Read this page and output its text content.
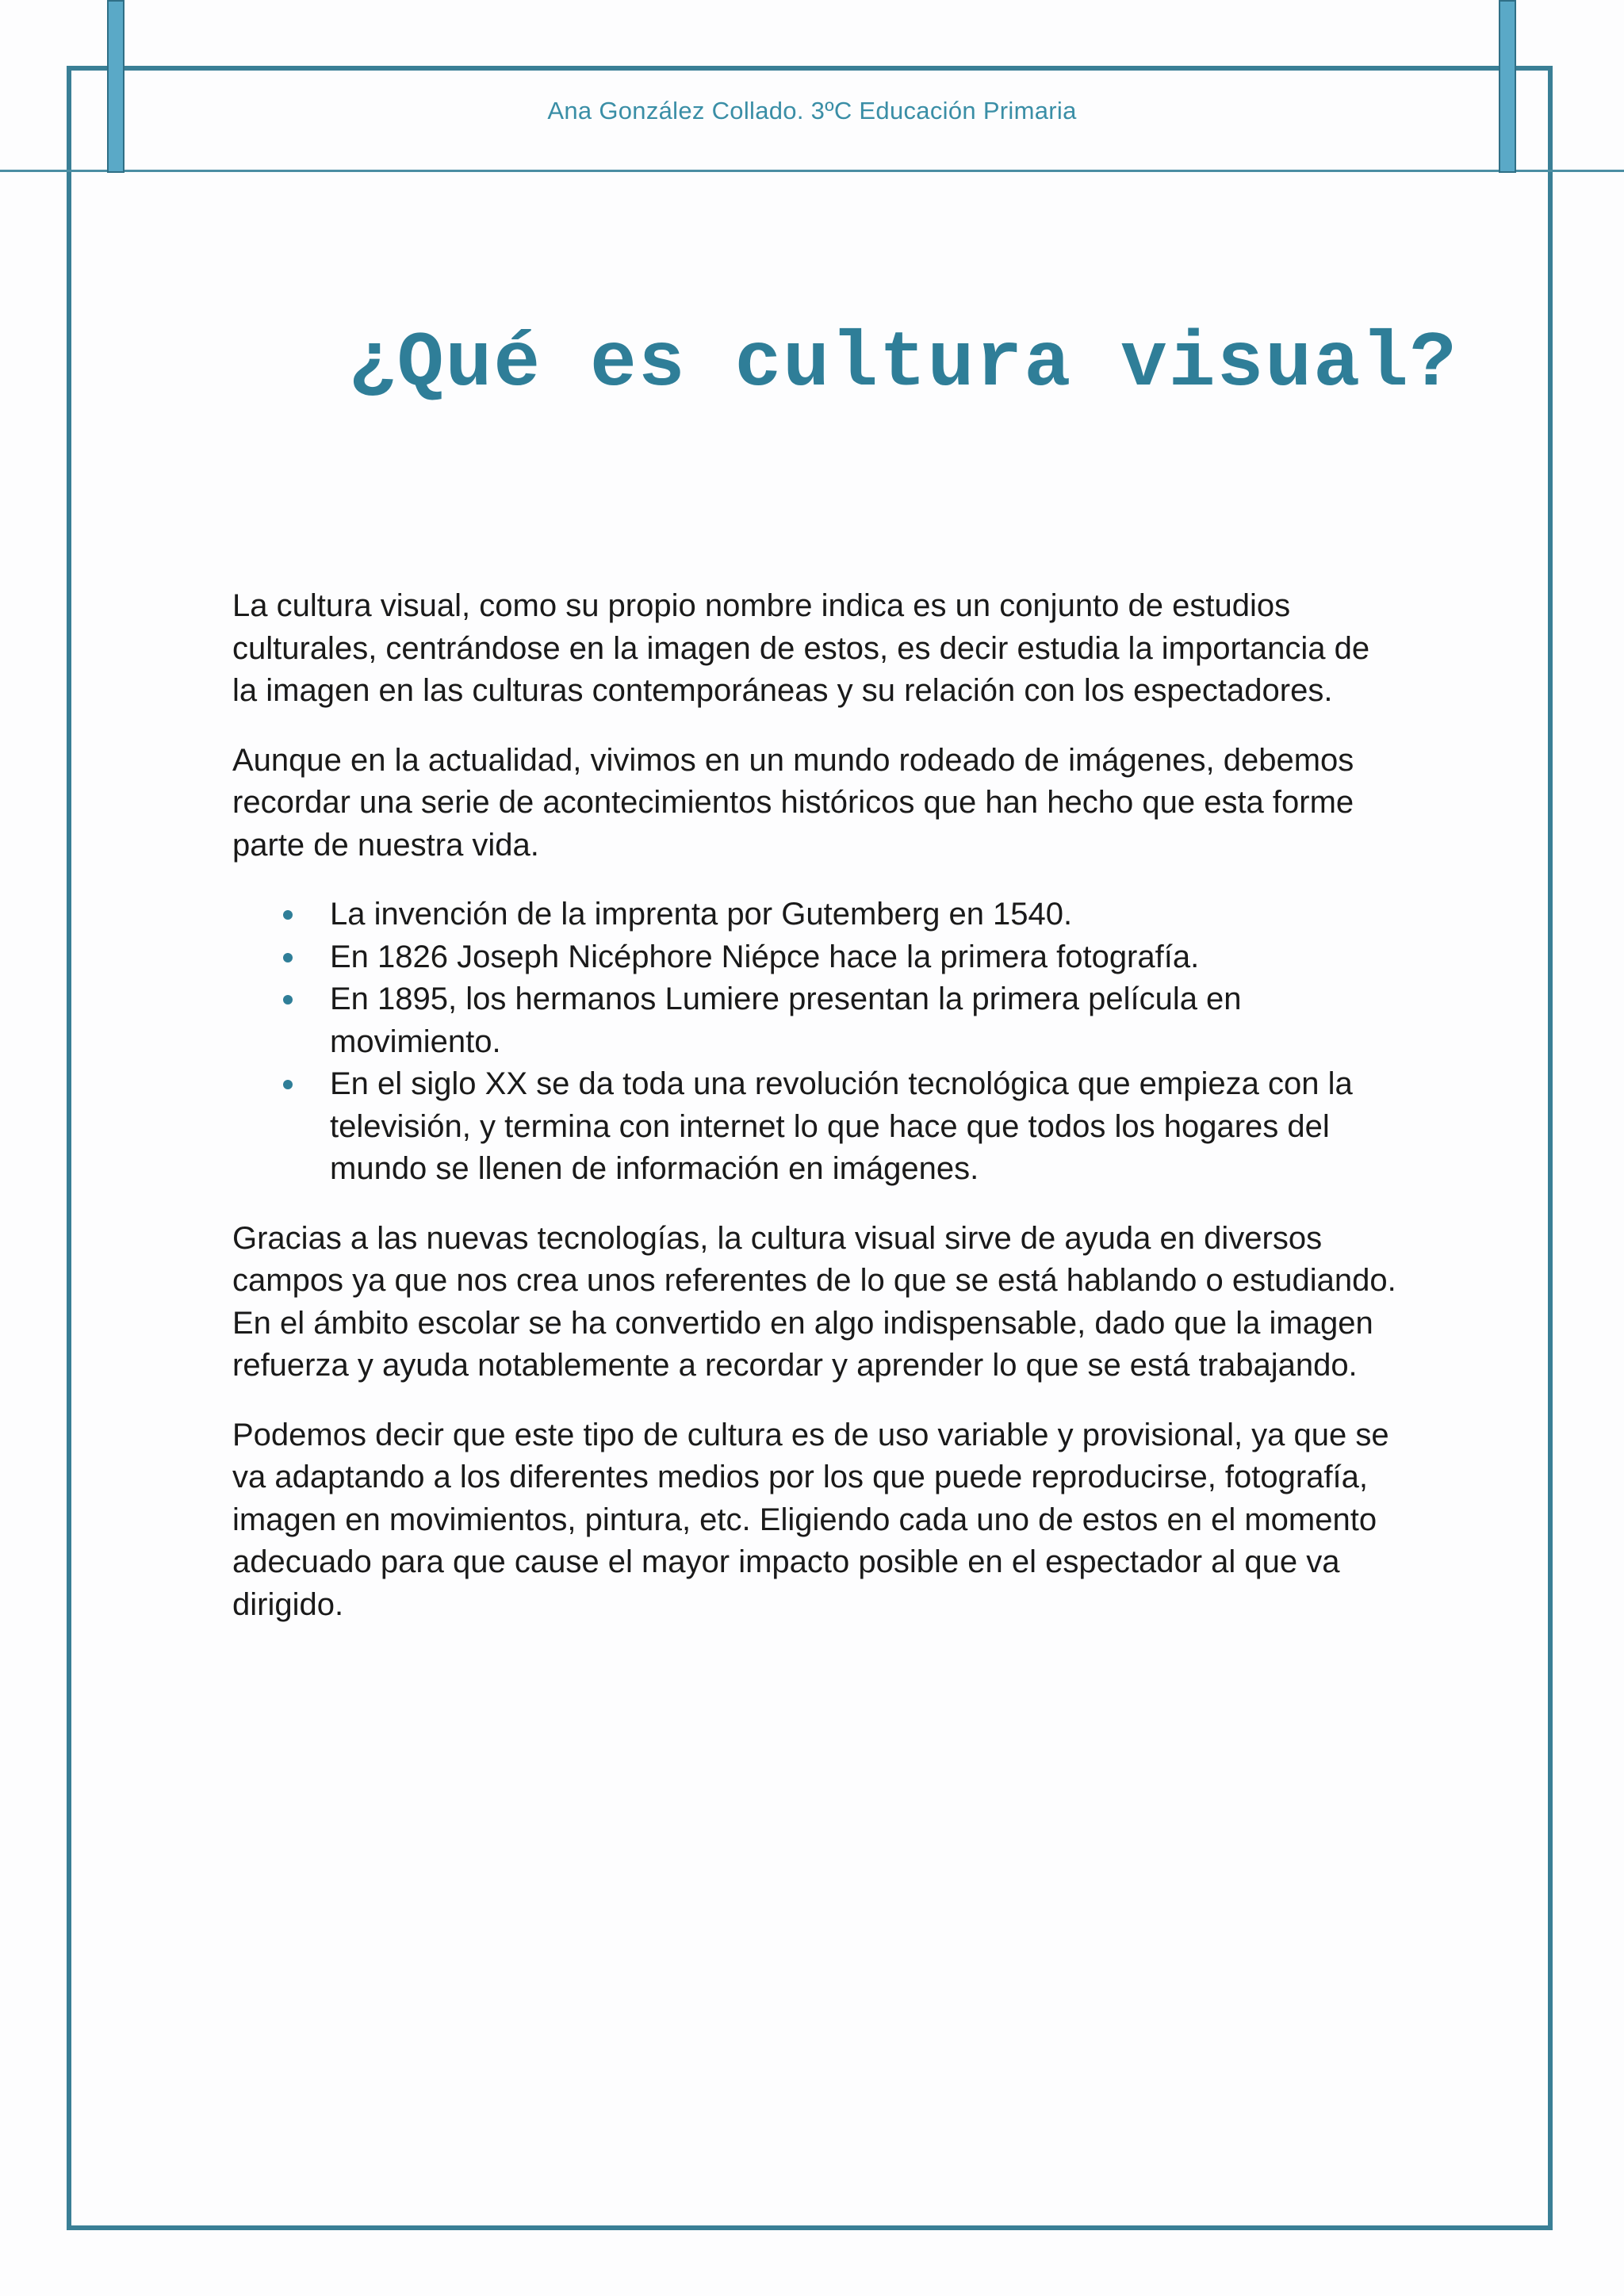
Ana González Collado. 3ºC Educación Primaria
¿Qué es cultura visual?

La cultura visual, como su propio nombre indica es un conjunto de estudios culturales, centrándose en la imagen de estos, es decir estudia la importancia de la imagen en las culturas contemporáneas y su relación con los espectadores.

Aunque en la actualidad, vivimos en un mundo rodeado de imágenes, debemos recordar una serie de acontecimientos históricos que han hecho que esta forme parte de nuestra vida.

La invención de la imprenta por Gutemberg en 1540.
En 1826 Joseph Nicéphore Niépce hace la primera fotografía.
En 1895, los hermanos Lumiere presentan la primera película en movimiento.
En el siglo XX se da toda una revolución tecnológica que empieza con la televisión, y termina con internet lo que hace que todos los hogares del mundo se llenen de información en imágenes.

Gracias a las nuevas tecnologías, la cultura visual sirve de ayuda en diversos campos ya que nos crea unos referentes de lo que se está hablando o estudiando. En el ámbito escolar se ha convertido en algo indispensable, dado que la imagen refuerza y ayuda notablemente a recordar y aprender lo que se está trabajando.

Podemos decir que este tipo de cultura es de uso variable y provisional, ya que se va adaptando a los diferentes medios por los que puede reproducirse, fotografía, imagen en movimientos, pintura, etc. Eligiendo cada uno de estos en el momento adecuado para que cause el mayor impacto posible en el espectador al que va dirigido.
